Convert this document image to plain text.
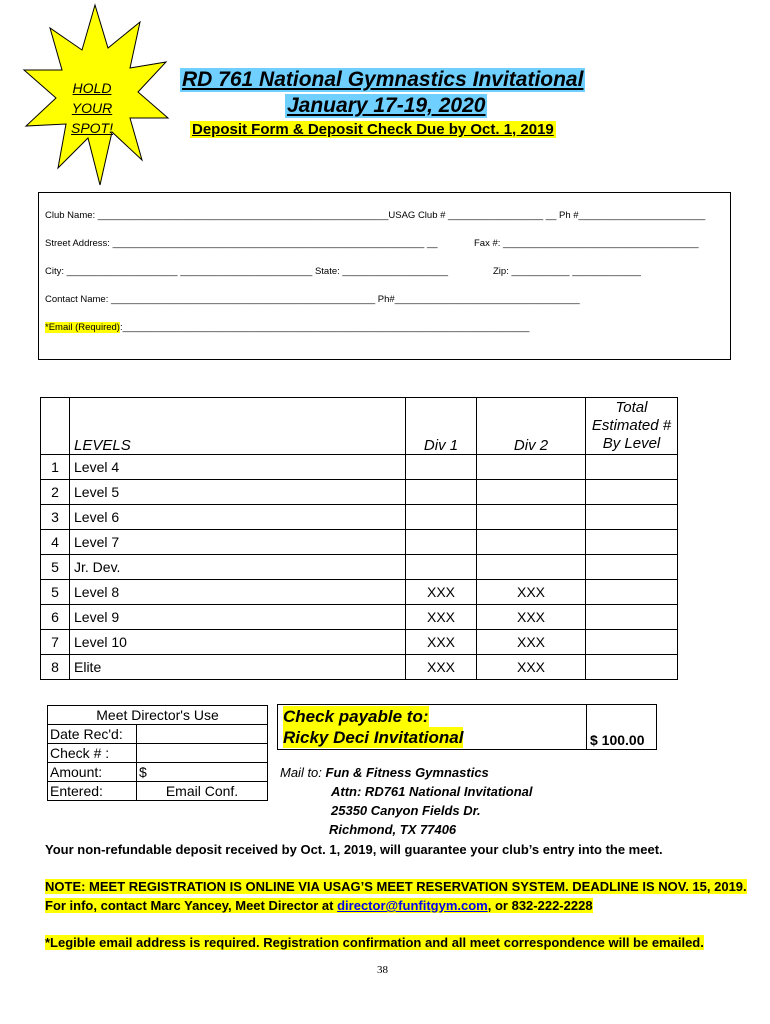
HOLD
YOUR
SPOT!
RD 761 National Gymnastics Invitational
January 17-19, 2020
Deposit Form & Deposit Check Due by Oct. 1, 2019
Club Name: _______________________________________________________USAG Club # __________________ __ Ph #________________________
Street Address: ___________________________________________________________ __	Fax #: _____________________________________
City: _____________________ _________________________ State: ____________________	Zip: ___________ _____________
Contact Name: __________________________________________________ Ph#___________________________________
*Email (Required):_____________________________________________________________________________
	LEVELS	Div 1	Div 2	Total
Estimated #
By Level

1	Level 4			
2	Level 5			
3	Level 6			
4	Level 7			
5	Jr. Dev.			
5	Level 8	XXX	XXX	
6	Level 9	XXX	XXX	
7	Level 10	XXX	XXX	
8	Elite	XXX	XXX	
Meet Director's Use	
Date Rec'd:	
Check # :	
Amount:	$
Entered:	Email Conf.
Check payable to:
Ricky Deci Invitational	$ 100.00
Mail to: Fun & Fitness Gymnastics
Attn: RD761 National Invitational
25350 Canyon Fields Dr.
Richmond, TX 77406
Your non-refundable deposit received by Oct. 1, 2019, will guarantee your club’s entry into the meet.
NOTE: MEET REGISTRATION IS ONLINE VIA USAG’S MEET RESERVATION SYSTEM. DEADLINE IS NOV. 15, 2019.
For info, contact Marc Yancey, Meet Director at director@funfitgym.com, or 832-222-2228
*Legible email address is required. Registration confirmation and all meet correspondence will be emailed.
38
